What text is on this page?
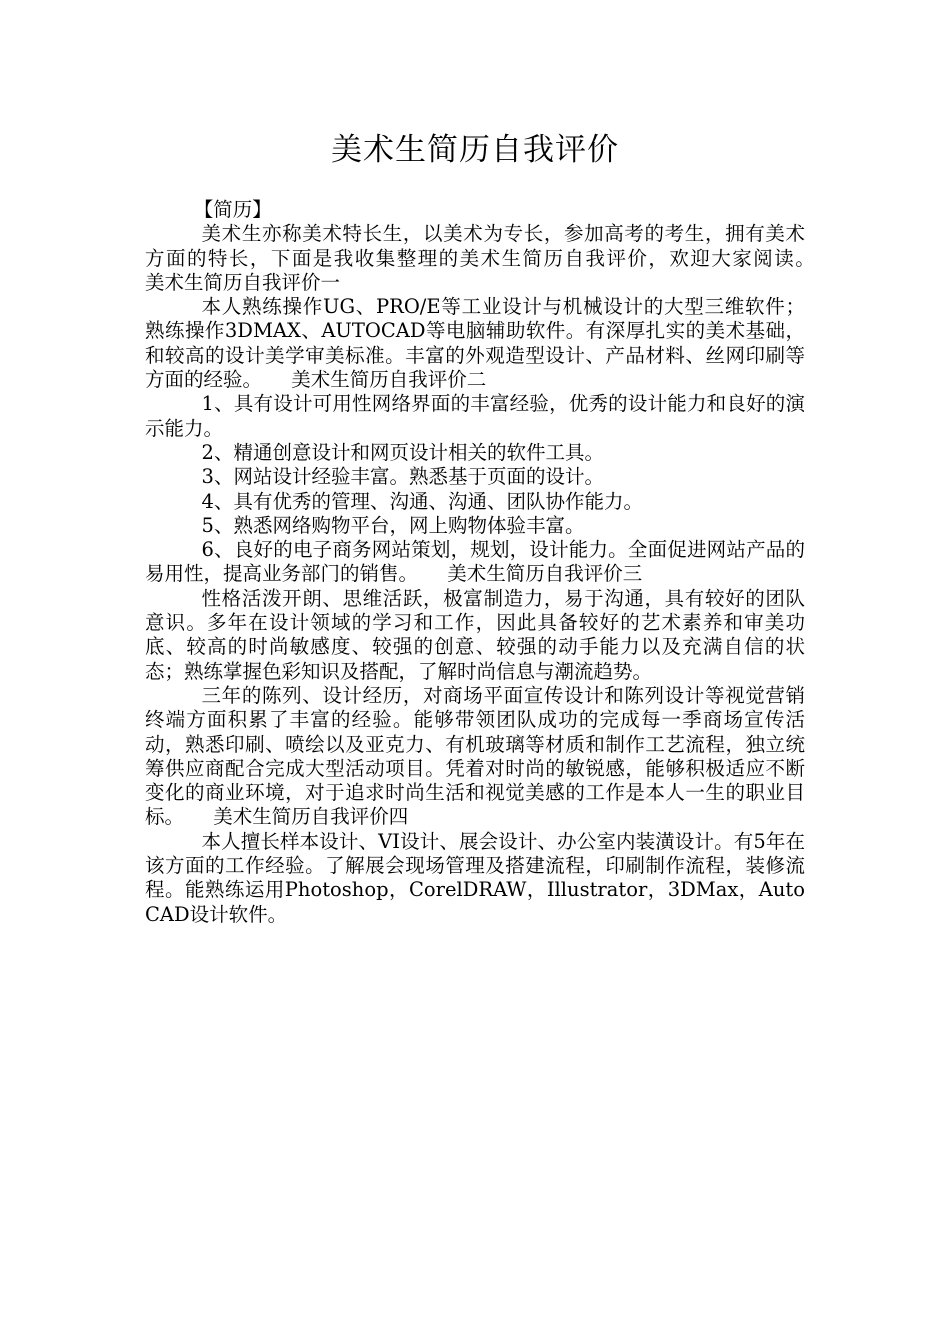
美术生简历自我评价

【简历】

美术生亦称美术特长生，以美术为专长，参加高考的考生，拥有美术方面的特长，下面是我收集整理的美术生简历自我评价，欢迎大家阅读。　　美术生简历自我评价一

本人熟练操作UG、PRO/E等工业设计与机械设计的大型三维软件；熟练操作3DMAX、AUTOCAD等电脑辅助软件。有深厚扎实的美术基础，和较高的设计美学审美标准。丰富的外观造型设计、产品材料、丝网印刷等方面的经验。　　美术生简历自我评价二

1、具有设计可用性网络界面的丰富经验，优秀的设计能力和良好的演示能力。

2、精通创意设计和网页设计相关的软件工具。

3、网站设计经验丰富。熟悉基于页面的设计。

4、具有优秀的管理、沟通、沟通、团队协作能力。

5、熟悉网络购物平台，网上购物体验丰富。

6、良好的电子商务网站策划，规划，设计能力。全面促进网站产品的易用性，提高业务部门的销售。　　美术生简历自我评价三

性格活泼开朗、思维活跃，极富制造力，易于沟通，具有较好的团队意识。多年在设计领域的学习和工作，因此具备较好的艺术素养和审美功底、较高的时尚敏感度、较强的创意、较强的动手能力以及充满自信的状态；熟练掌握色彩知识及搭配，了解时尚信息与潮流趋势。

三年的陈列、设计经历，对商场平面宣传设计和陈列设计等视觉营销终端方面积累了丰富的经验。能够带领团队成功的完成每一季商场宣传活动，熟悉印刷、喷绘以及亚克力、有机玻璃等材质和制作工艺流程，独立统筹供应商配合完成大型活动项目。凭着对时尚的敏锐感，能够积极适应不断变化的商业环境，对于追求时尚生活和视觉美感的工作是本人一生的职业目标。　　美术生简历自我评价四

本人擅长样本设计、VI设计、展会设计、办公室内装潢设计。有5年在该方面的工作经验。了解展会现场管理及搭建流程，印刷制作流程，装修流程。能熟练运用Photoshop，CorelDRAW，Illustrator，3DMax，AutoCAD设计软件。
